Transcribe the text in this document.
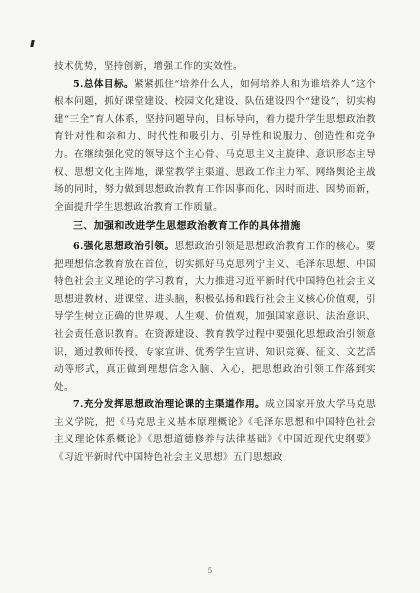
技术优势，坚持创新，增强工作的实效性。

5.总体目标。紧紧抓住“培养什么人，如何培养人和为谁培养人”这个根本问题，抓好课堂建设、校园文化建设、队伍建设四个“建设”，切实构建“三全”育人体系，坚持问题导向，目标导向，着力提升学生思想政治教育针对性和亲和力、时代性和吸引力、引导性和说服力、创造性和竞争力。在继续强化党的领导这个主心骨、马克思主义主旋律、意识形态主导权、思想文化主阵地，课堂教学主渠道、思政工作主力军、网络舆论主战场的同时，努力做到思想政治教育工作因事而化、因时而进、因势而新，全面提升学生思想政治教育工作质量。

三、加强和改进学生思想政治教育工作的具体措施

6.强化思想政治引领。思想政治引领是思想政治教育工作的核心。要把理想信念教育放在首位，切实抓好马克思列宁主义、毛泽东思想、中国特色社会主义理论的学习教育，大力推进习近平新时代中国特色社会主义思想进教材、进课堂、进头脑，积极弘扬和践行社会主义核心价值观，引导学生树立正确的世界观、人生观、价值观，加强国家意识、法治意识、社会责任意识教育。在资源建设、教育教学过程中要强化思想政治引领意识，通过教师传授、专家宣讲、优秀学生宣讲、知识竞赛、征文、文艺活动等形式，真正做到理想信念入脑、入心，把思想政治引领工作落到实处。

7.充分发挥思想政治理论课的主渠道作用。成立国家开放大学马克思主义学院，把《马克思主义基本原理概论》《毛泽东思想和中国特色社会主义理论体系概论》《思想道德修养与法律基础》《中国近现代史纲要》《习近平新时代中国特色社会主义思想》五门思想政

5
